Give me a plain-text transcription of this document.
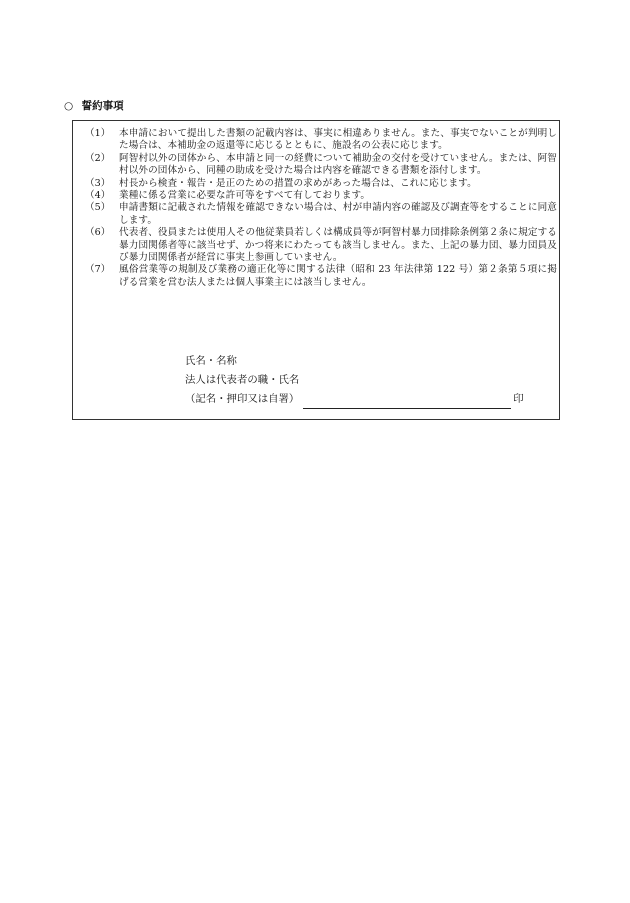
○ 誓約事項
（1） 本申請において提出した書類の記載内容は、事実に相違ありません。また、事実でないことが判明した場合は、本補助金の返還等に応じるとともに、施設名の公表に応じます。
（2） 阿智村以外の団体から、本申請と同一の経費について補助金の交付を受けていません。または、阿智村以外の団体から、同種の助成を受けた場合は内容を確認できる書類を添付します。
（3） 村長から検査・報告・是正のための措置の求めがあった場合は、これに応じます。
（4） 業種に係る営業に必要な許可等をすべて有しております。
（5） 申請書類に記載された情報を確認できない場合は、村が申請内容の確認及び調査等をすることに同意します。
（6） 代表者、役員または使用人その他従業員若しくは構成員等が阿智村暴力団排除条例第２条に規定する暴力団関係者等に該当せず、かつ将来にわたっても該当しません。また、上記の暴力団、暴力団員及び暴力団関係者が経営に事実上参画していません。
（7） 風俗営業等の規制及び業務の適正化等に関する法律（昭和 23 年法律第 122 号）第２条第５項に掲げる営業を営む法人または個人事業主には該当しません。
氏名・名称
法人は代表者の職・氏名
（記名・押印又は自署）	印
